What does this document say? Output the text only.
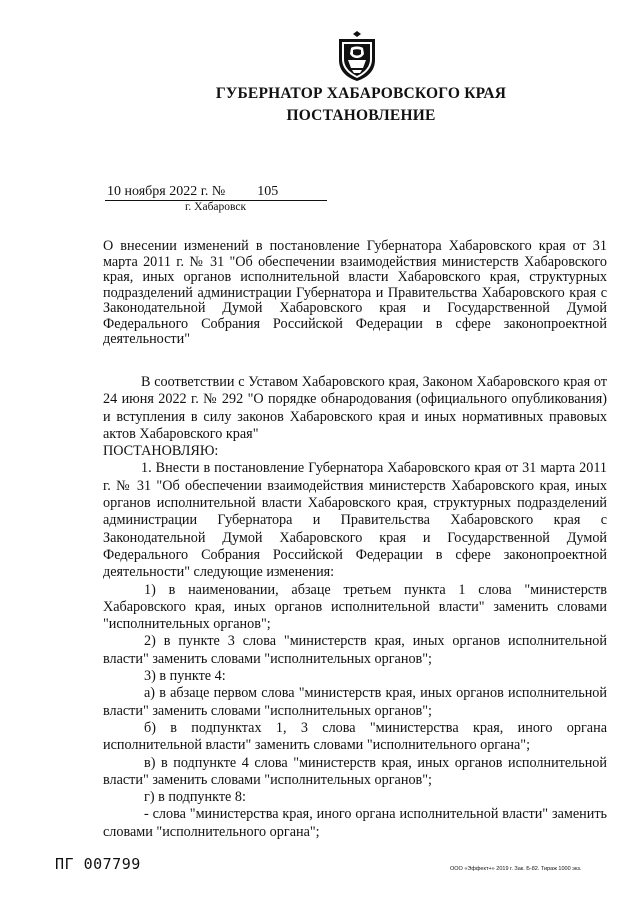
ГУБЕРНАТОР ХАБАРОВСКОГО КРАЯ
ПОСТАНОВЛЕНИЕ
10 ноября 2022 г. № 105
г. Хабаровск
О внесении изменений в постановление Губернатора Хабаровского края от 31 марта 2011 г. № 31 "Об обеспечении взаимодействия министерств Хабаровского края, иных органов исполнительной власти Хабаровского края, структурных подразделений администрации Губернатора и Правительства Хабаровского края с Законодательной Думой Хабаровского края и Государственной Думой Федерального Собрания Российской Федерации в сфере законопроектной деятельности"

В соответствии с Уставом Хабаровского края, Законом Хабаровского края от 24 июня 2022 г. № 292 "О порядке обнародования (официального опубликования) и вступления в силу законов Хабаровского края и иных нормативных правовых актов Хабаровского края"

ПОСТАНОВЛЯЮ:

1. Внести в постановление Губернатора Хабаровского края от 31 марта 2011 г. № 31 "Об обеспечении взаимодействия министерств Хабаровского края, иных органов исполнительной власти Хабаровского края, структурных подразделений администрации Губернатора и Правительства Хабаровского края с Законодательной Думой Хабаровского края и Государственной Думой Федерального Собрания Российской Федерации в сфере законопроектной деятельности" следующие изменения:

1) в наименовании, абзаце третьем пункта 1 слова "министерств Хабаровского края, иных органов исполнительной власти" заменить словами "исполнительных органов";

2) в пункте 3 слова "министерств края, иных органов исполнительной власти" заменить словами "исполнительных органов";

3) в пункте 4:

а) в абзаце первом слова "министерств края, иных органов исполнительной власти" заменить словами "исполнительных органов";

б) в подпунктах 1, 3 слова "министерства края, иного органа исполнительной власти" заменить словами "исполнительного органа";

в) в подпункте 4 слова "министерств края, иных органов исполнительной власти" заменить словами "исполнительных органов";

г) в подпункте 8:

- слова "министерства края, иного органа исполнительной власти" заменить словами "исполнительного органа";

ПГ 007799	ООО «Эффект+» 2019 г. Зак. Б-82. Тираж 1000 экз.
